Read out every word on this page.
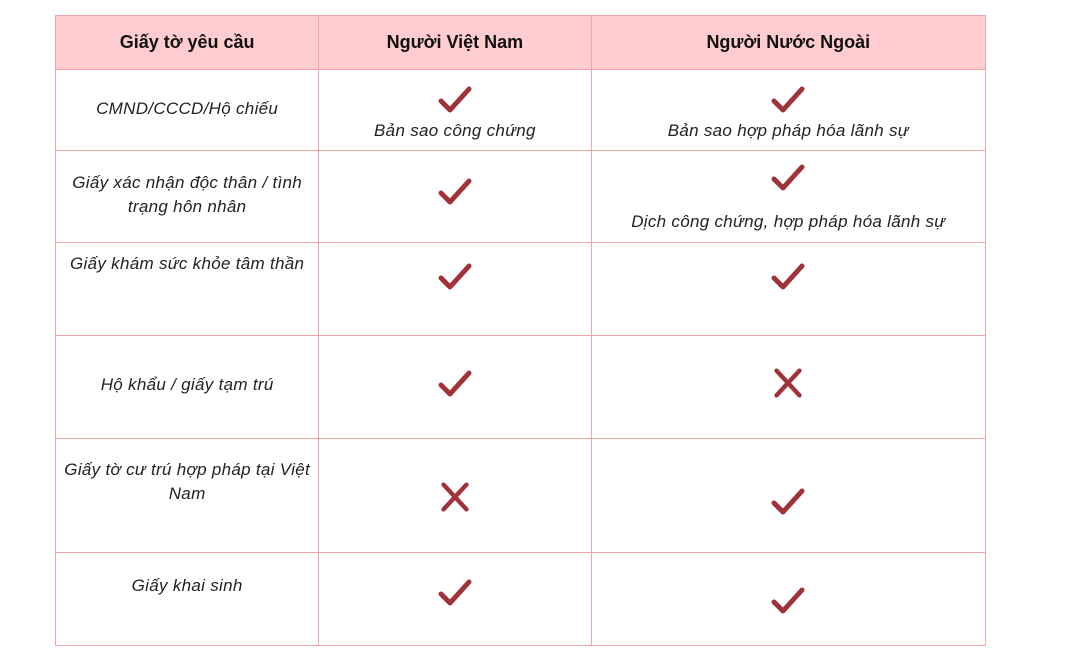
Giấy tờ yêu cầu	Người Việt Nam	Người Nước Ngoài

CMND/CCCD/Hộ chiếu	Bản sao công chứng	Bản sao hợp pháp hóa lãnh sự

Giấy xác nhận độc thân / tình trạng hôn nhân		Dịch công chứng, hợp pháp hóa lãnh sự

Giấy khám sức khỏe tâm thần

Hộ khẩu / giấy tạm trú

Giấy tờ cư trú hợp pháp tại Việt Nam

Giấy khai sinh
